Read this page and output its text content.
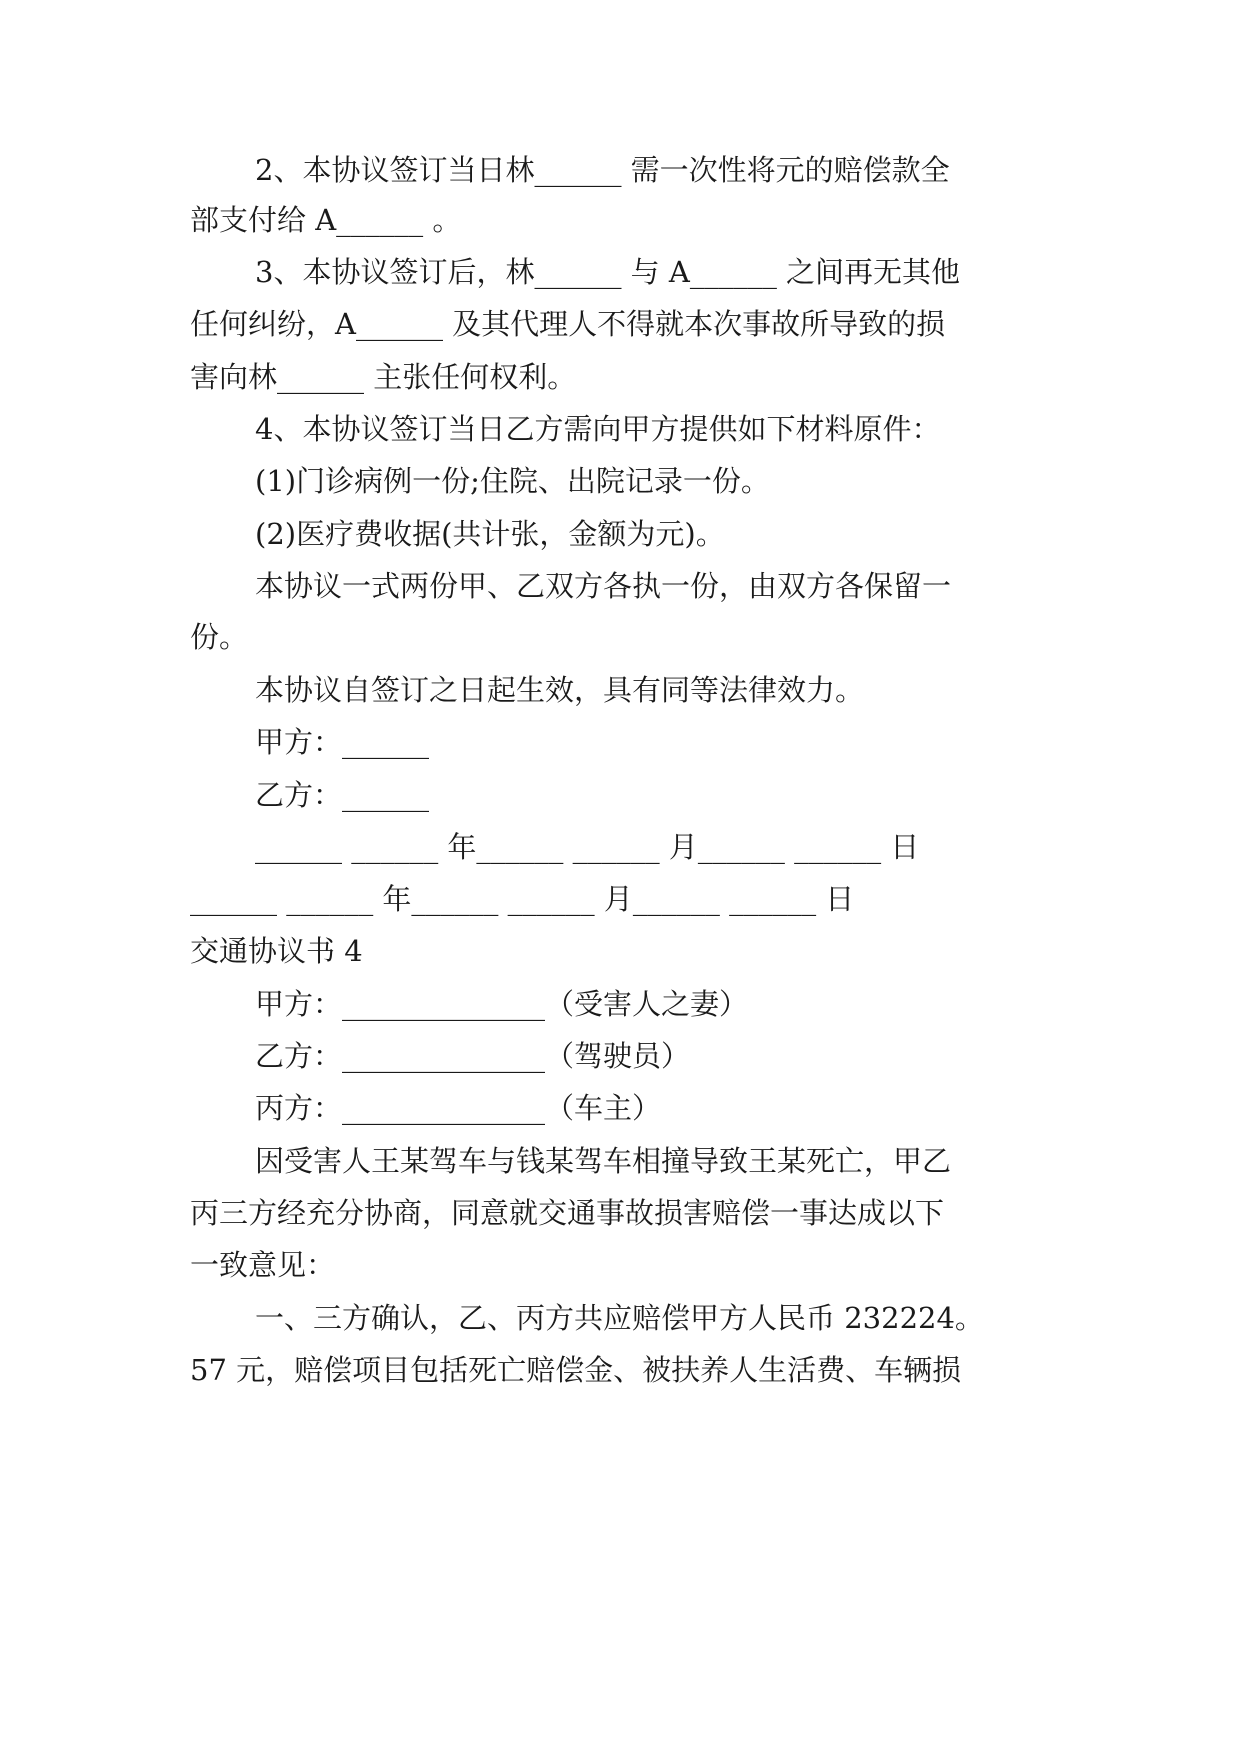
2、本协议签订当日林______ 需一次性将元的赔偿款全
部支付给 A______ 。
3、本协议签订后，林______ 与 A______ 之间再无其他
任何纠纷，A______ 及其代理人不得就本次事故所导致的损
害向林______ 主张任何权利。
4、本协议签订当日乙方需向甲方提供如下材料原件：
(1)门诊病例一份;住院、出院记录一份。
(2)医疗费收据(共计张，金额为元)。
本协议一式两份甲、乙双方各执一份，由双方各保留一
份。
本协议自签订之日起生效，具有同等法律效力。
甲方：______
乙方：______
______ ______ 年______ ______ 月______ ______ 日
______ ______ 年______ ______ 月______ ______ 日
交通协议书 4
甲方：______________（受害人之妻）
乙方：______________（驾驶员）
丙方：______________（车主）
因受害人王某驾车与钱某驾车相撞导致王某死亡，甲乙
丙三方经充分协商，同意就交通事故损害赔偿一事达成以下
一致意见：
一、三方确认，乙、丙方共应赔偿甲方人民币 232224。
57 元，赔偿项目包括死亡赔偿金、被扶养人生活费、车辆损
